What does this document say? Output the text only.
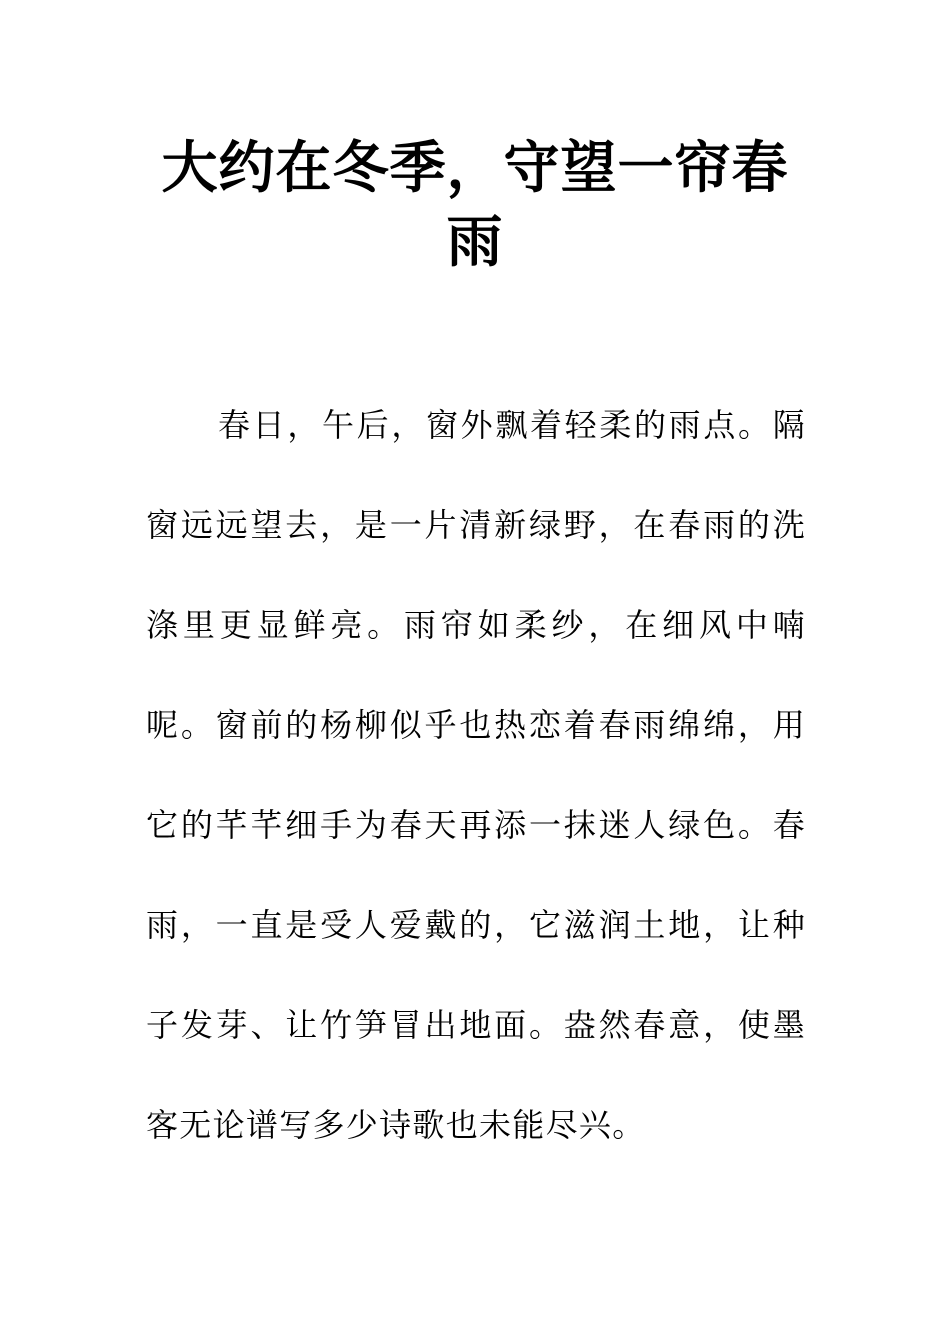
大约在冬季，守望一帘春雨

春日，午后，窗外飘着轻柔的雨点。隔窗远远望去，是一片清新绿野，在春雨的洗涤里更显鲜亮。雨帘如柔纱，在细风中喃呢。窗前的杨柳似乎也热恋着春雨绵绵，用它的芊芊细手为春天再添一抹迷人绿色。春雨，一直是受人爱戴的，它滋润土地，让种子发芽、让竹笋冒出地面。盎然春意，使墨客无论谱写多少诗歌也未能尽兴。
